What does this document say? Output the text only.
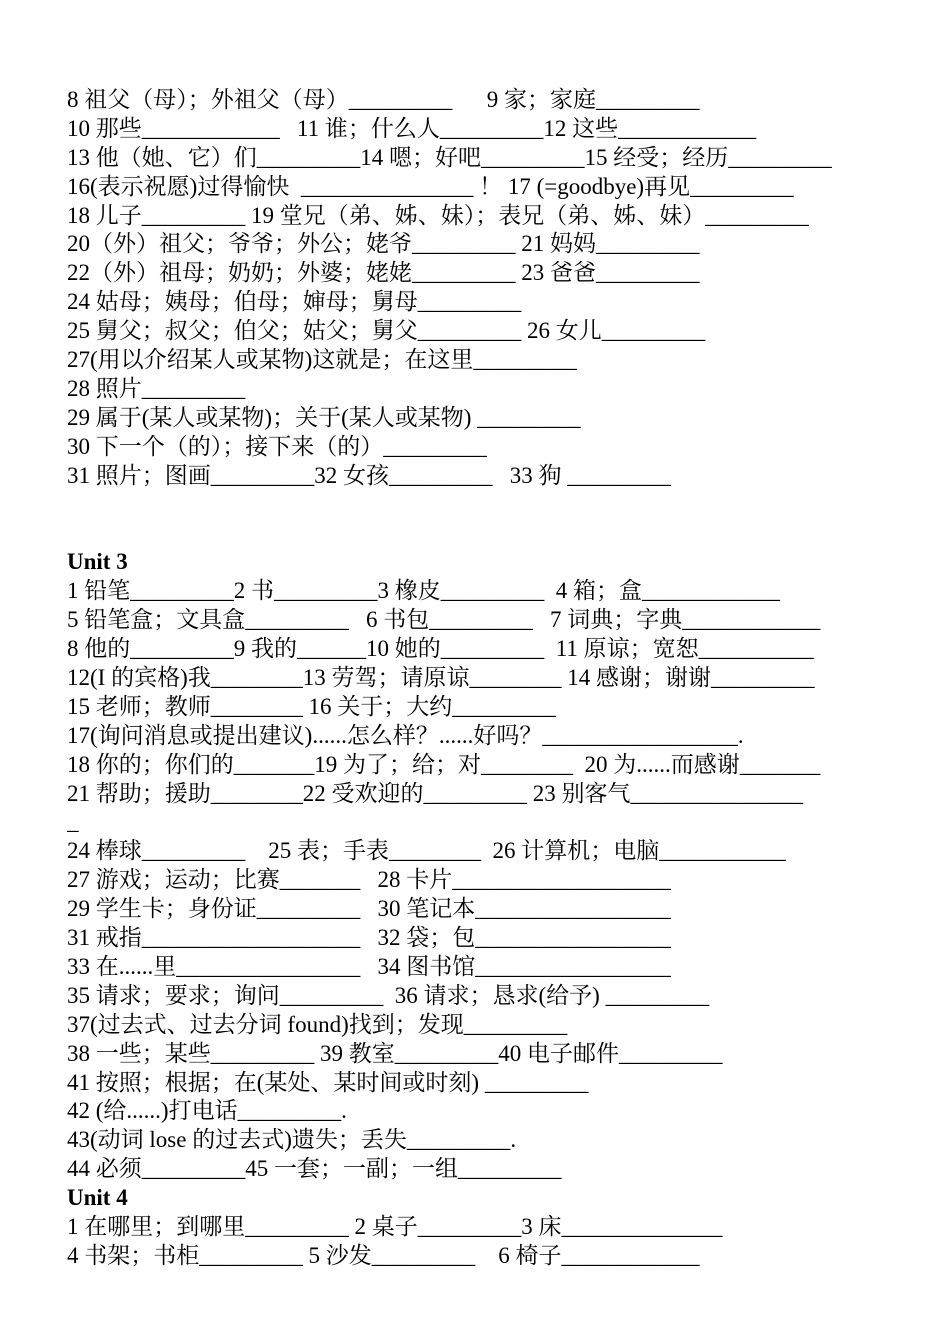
8 祖父（母）；外祖父（母）_________      9 家；家庭_________
10 那些____________   11 谁；什么人_________12 这些____________
13 他（她、它）们_________14 嗯；好吧_________15 经受；经历_________
16(表示祝愿)过得愉快  _______________ ！ 17 (=goodbye)再见_________
18 儿子_________ 19 堂兄（弟、姊、妹）；表兄（弟、姊、妹）_________
20（外）祖父；爷爷；外公；姥爷_________ 21 妈妈_________
22（外）祖母；奶奶；外婆；姥姥_________ 23 爸爸_________
24 姑母；姨母；伯母；婶母；舅母_________
25 舅父；叔父；伯父；姑父；舅父_________ 26 女儿_________
27(用以介绍某人或某物)这就是；在这里_________
28 照片_________
29 属于(某人或某物)；关于(某人或某物) _________
30 下一个（的）；接下来（的）_________
31 照片；图画_________32 女孩_________   33 狗 _________
Unit 3
1 铅笔_________2 书_________3 橡皮_________  4 箱；盒____________
5 铅笔盒；文具盒_________   6 书包_________   7 词典；字典____________
8 他的_________9 我的______10 她的_________  11 原谅；宽恕__________
12(I 的宾格)我________13 劳驾；请原谅________ 14 感谢；谢谢_________
15 老师；教师________ 16 关于；大约_________
17(询问消息或提出建议)......怎么样？......好吗？_________________.
18 你的；你们的_______19 为了；给；对________  20 为......而感谢_______
21 帮助；援助________22 受欢迎的_________ 23 别客气_______________
_
24 棒球_________    25 表；手表________  26 计算机；电脑___________
27 游戏；运动；比赛_______   28 卡片___________________
29 学生卡；身份证_________   30 笔记本_________________
31 戒指___________________   32 袋；包_________________
33 在......里________________   34 图书馆_________________
35 请求；要求；询问_________  36 请求；恳求(给予) _________
37(过去式、过去分词 found)找到；发现_________
38 一些；某些_________ 39 教室_________40 电子邮件_________
41 按照；根据；在(某处、某时间或时刻) _________
42 (给......)打电话_________.
43(动词 lose 的过去式)遗失；丢失_________.
44 必须_________45 一套；一副；一组_________
Unit 4
1 在哪里；到哪里_________ 2 桌子_________3 床______________
4 书架；书柜_________ 5 沙发_________    6 椅子____________
